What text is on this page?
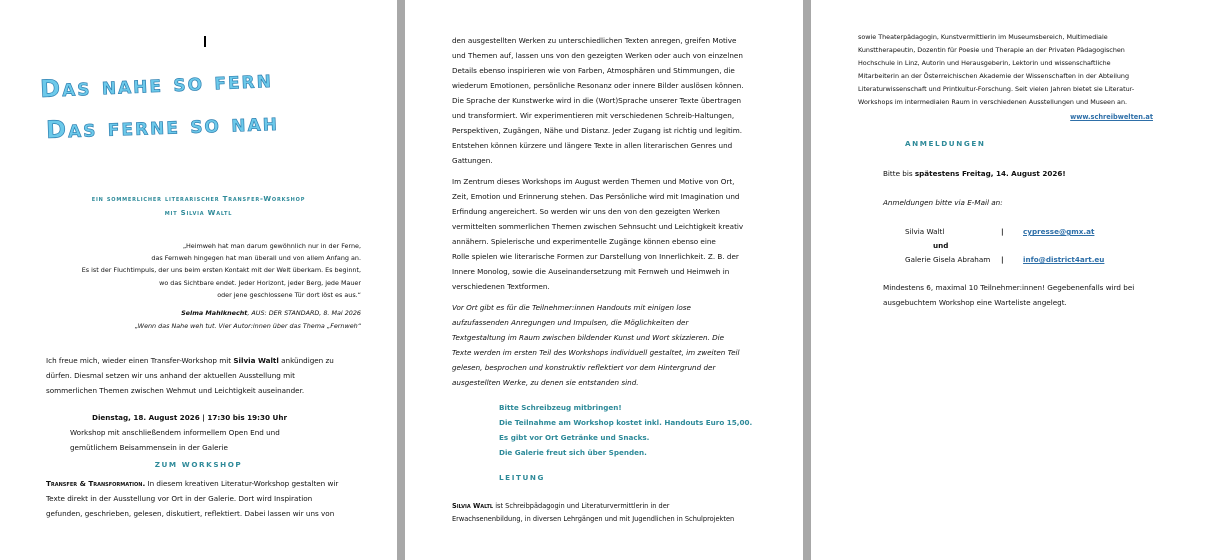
Das nahe so fern
Das ferne so nah
ein sommerlicher literarischer Transfer-Workshop
mit Silvia Waltl
„Heimweh hat man darum gewöhnlich nur in der Ferne,
das Fernweh hingegen hat man überall und von allem Anfang an.
Es ist der Fluchtimpuls, der uns beim ersten Kontakt mit der Welt überkam. Es beginnt,
wo das Sichtbare endet. Jeder Horizont, jeder Berg, jede Mauer
oder jene geschlossene Tür dort löst es aus.“
Selma Mahlknecht, AUS: DER STANDARD, 8. Mai 2026
„Wenn das Nahe weh tut. Vier Autor:innen über das Thema „Fernweh“
Ich freue mich, wieder einen Transfer-Workshop mit Silvia Waltl ankündigen zu
dürfen. Diesmal setzen wir uns anhand der aktuellen Ausstellung mit
sommerlichen Themen zwischen Wehmut und Leichtigkeit auseinander.
Dienstag, 18. August 2026 | 17:30 bis 19:30 Uhr
Workshop mit anschließendem informellem Open End und
gemütlichem Beisammensein in der Galerie
ZUM WORKSHOP
Transfer & Transformation. In diesem kreativen Literatur-Workshop gestalten wir
Texte direkt in der Ausstellung vor Ort in der Galerie. Dort wird Inspiration
gefunden, geschrieben, gelesen, diskutiert, reflektiert. Dabei lassen wir uns von
den ausgestellten Werken zu unterschiedlichen Texten anregen, greifen Motive
und Themen auf, lassen uns von den gezeigten Werken oder auch von einzelnen
Details ebenso inspirieren wie von Farben, Atmosphären und Stimmungen, die
wiederum Emotionen, persönliche Resonanz oder innere Bilder auslösen können.
Die Sprache der Kunstwerke wird in die (Wort)Sprache unserer Texte übertragen
und transformiert. Wir experimentieren mit verschiedenen Schreib-Haltungen,
Perspektiven, Zugängen, Nähe und Distanz. Jeder Zugang ist richtig und legitim.
Entstehen können kürzere und längere Texte in allen literarischen Genres und
Gattungen.
Im Zentrum dieses Workshops im August werden Themen und Motive von Ort,
Zeit, Emotion und Erinnerung stehen. Das Persönliche wird mit Imagination und
Erfindung angereichert. So werden wir uns den von den gezeigten Werken
vermittelten sommerlichen Themen zwischen Sehnsucht und Leichtigkeit kreativ
annähern. Spielerische und experimentelle Zugänge können ebenso eine
Rolle spielen wie literarische Formen zur Darstellung von Innerlichkeit. Z. B. der
Innere Monolog, sowie die Auseinandersetzung mit Fernweh und Heimweh in
verschiedenen Textformen.
Vor Ort gibt es für die Teilnehmer:innen Handouts mit einigen lose
aufzufassenden Anregungen und Impulsen, die Möglichkeiten der
Textgestaltung im Raum zwischen bildender Kunst und Wort skizzieren. Die
Texte werden im ersten Teil des Workshops individuell gestaltet, im zweiten Teil
gelesen, besprochen und konstruktiv reflektiert vor dem Hintergrund der
ausgestellten Werke, zu denen sie entstanden sind.
Bitte Schreibzeug mitbringen!
Die Teilnahme am Workshop kostet inkl. Handouts Euro 15,00.
Es gibt vor Ort Getränke und Snacks.
Die Galerie freut sich über Spenden.
LEITUNG
Silvia Waltl ist Schreibpädagogin und Literaturvermittlerin in der
Erwachsenenbildung, in diversen Lehrgängen und mit Jugendlichen in Schulprojekten
sowie Theaterpädagogin, Kunstvermittlerin im Museumsbereich, Multimediale
Kunsttherapeutin, Dozentin für Poesie und Therapie an der Privaten Pädagogischen
Hochschule in Linz, Autorin und Herausgeberin, Lektorin und wissenschaftliche
Mitarbeiterin an der Österreichischen Akademie der Wissenschaften in der Abteilung
Literaturwissenschaft und Printkultur-Forschung. Seit vielen Jahren bietet sie Literatur-
Workshops im intermedialen Raum in verschiedenen Ausstellungen und Museen an.
www.schreibwelten.at
ANMELDUNGEN
Bitte bis spätestens Freitag, 14. August 2026!
Anmeldungen bitte via E-Mail an:
Silvia Waltl	|	cypresse@gmx.at
und
Galerie Gisela Abraham |	info@district4art.eu
Mindestens 6, maximal 10 Teilnehmer:innen! Gegebenenfalls wird bei
ausgebuchtem Workshop eine Warteliste angelegt.
